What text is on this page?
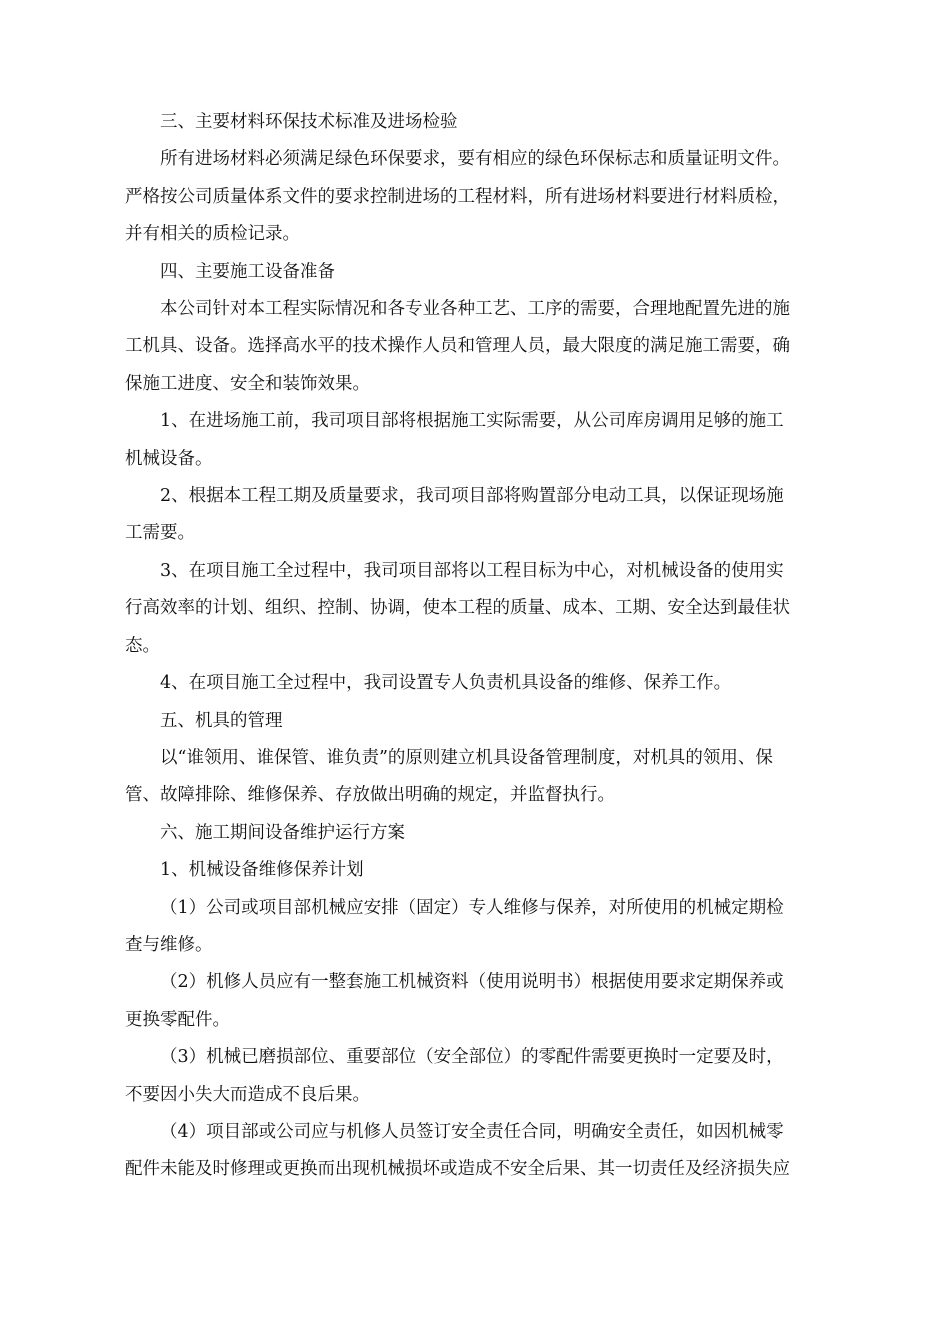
三、主要材料环保技术标准及进场检验
所有进场材料必须满足绿色环保要求，要有相应的绿色环保标志和质量证明文件。
严格按公司质量体系文件的要求控制进场的工程材料，所有进场材料要进行材料质检，
并有相关的质检记录。
四、主要施工设备准备
本公司针对本工程实际情况和各专业各种工艺、工序的需要，合理地配置先进的施
工机具、设备。选择高水平的技术操作人员和管理人员，最大限度的满足施工需要，确
保施工进度、安全和装饰效果。
1、在进场施工前，我司项目部将根据施工实际需要，从公司库房调用足够的施工
机械设备。
2、根据本工程工期及质量要求，我司项目部将购置部分电动工具，以保证现场施
工需要。
3、在项目施工全过程中，我司项目部将以工程目标为中心，对机械设备的使用实
行高效率的计划、组织、控制、协调，使本工程的质量、成本、工期、安全达到最佳状
态。
4、在项目施工全过程中，我司设置专人负责机具设备的维修、保养工作。
五、机具的管理
以“谁领用、谁保管、谁负责”的原则建立机具设备管理制度，对机具的领用、保
管、故障排除、维修保养、存放做出明确的规定，并监督执行。
六、施工期间设备维护运行方案
1、机械设备维修保养计划
（1）公司或项目部机械应安排（固定）专人维修与保养，对所使用的机械定期检
查与维修。
（2）机修人员应有一整套施工机械资料（使用说明书）根据使用要求定期保养或
更换零配件。
（3）机械已磨损部位、重要部位（安全部位）的零配件需要更换时一定要及时，
不要因小失大而造成不良后果。
（4）项目部或公司应与机修人员签订安全责任合同，明确安全责任，如因机械零
配件未能及时修理或更换而出现机械损坏或造成不安全后果、其一切责任及经济损失应
